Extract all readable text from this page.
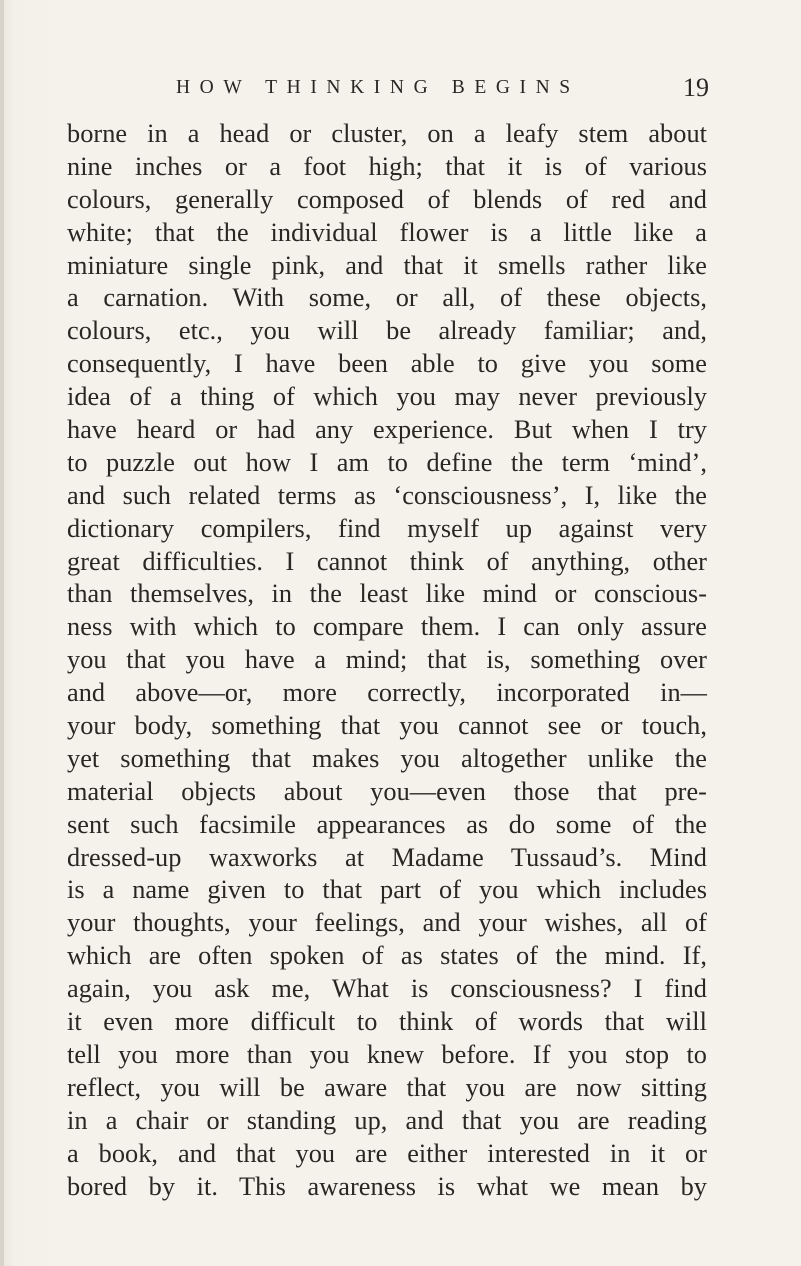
HOW THINKING BEGINS	19
borne in a head or cluster, on a leafy stem about
nine inches or a foot high; that it is of various
colours, generally composed of blends of red and
white; that the individual flower is a little like a
miniature single pink, and that it smells rather like
a carnation. With some, or all, of these objects,
colours, etc., you will be already familiar; and,
consequently, I have been able to give you some
idea of a thing of which you may never previously
have heard or had any experience. But when I try
to puzzle out how I am to define the term ‘mind’,
and such related terms as ‘consciousness’, I, like the
dictionary compilers, find myself up against very
great difficulties. I cannot think of anything, other
than themselves, in the least like mind or conscious-
ness with which to compare them. I can only assure
you that you have a mind; that is, something over
and above—or, more correctly, incorporated in—
your body, something that you cannot see or touch,
yet something that makes you altogether unlike the
material objects about you—even those that pre-
sent such facsimile appearances as do some of the
dressed-up waxworks at Madame Tussaud’s. Mind
is a name given to that part of you which includes
your thoughts, your feelings, and your wishes, all of
which are often spoken of as states of the mind. If,
again, you ask me, What is consciousness? I find
it even more difficult to think of words that will
tell you more than you knew before. If you stop to
reflect, you will be aware that you are now sitting
in a chair or standing up, and that you are reading
a book, and that you are either interested in it or
bored by it. This awareness is what we mean by
